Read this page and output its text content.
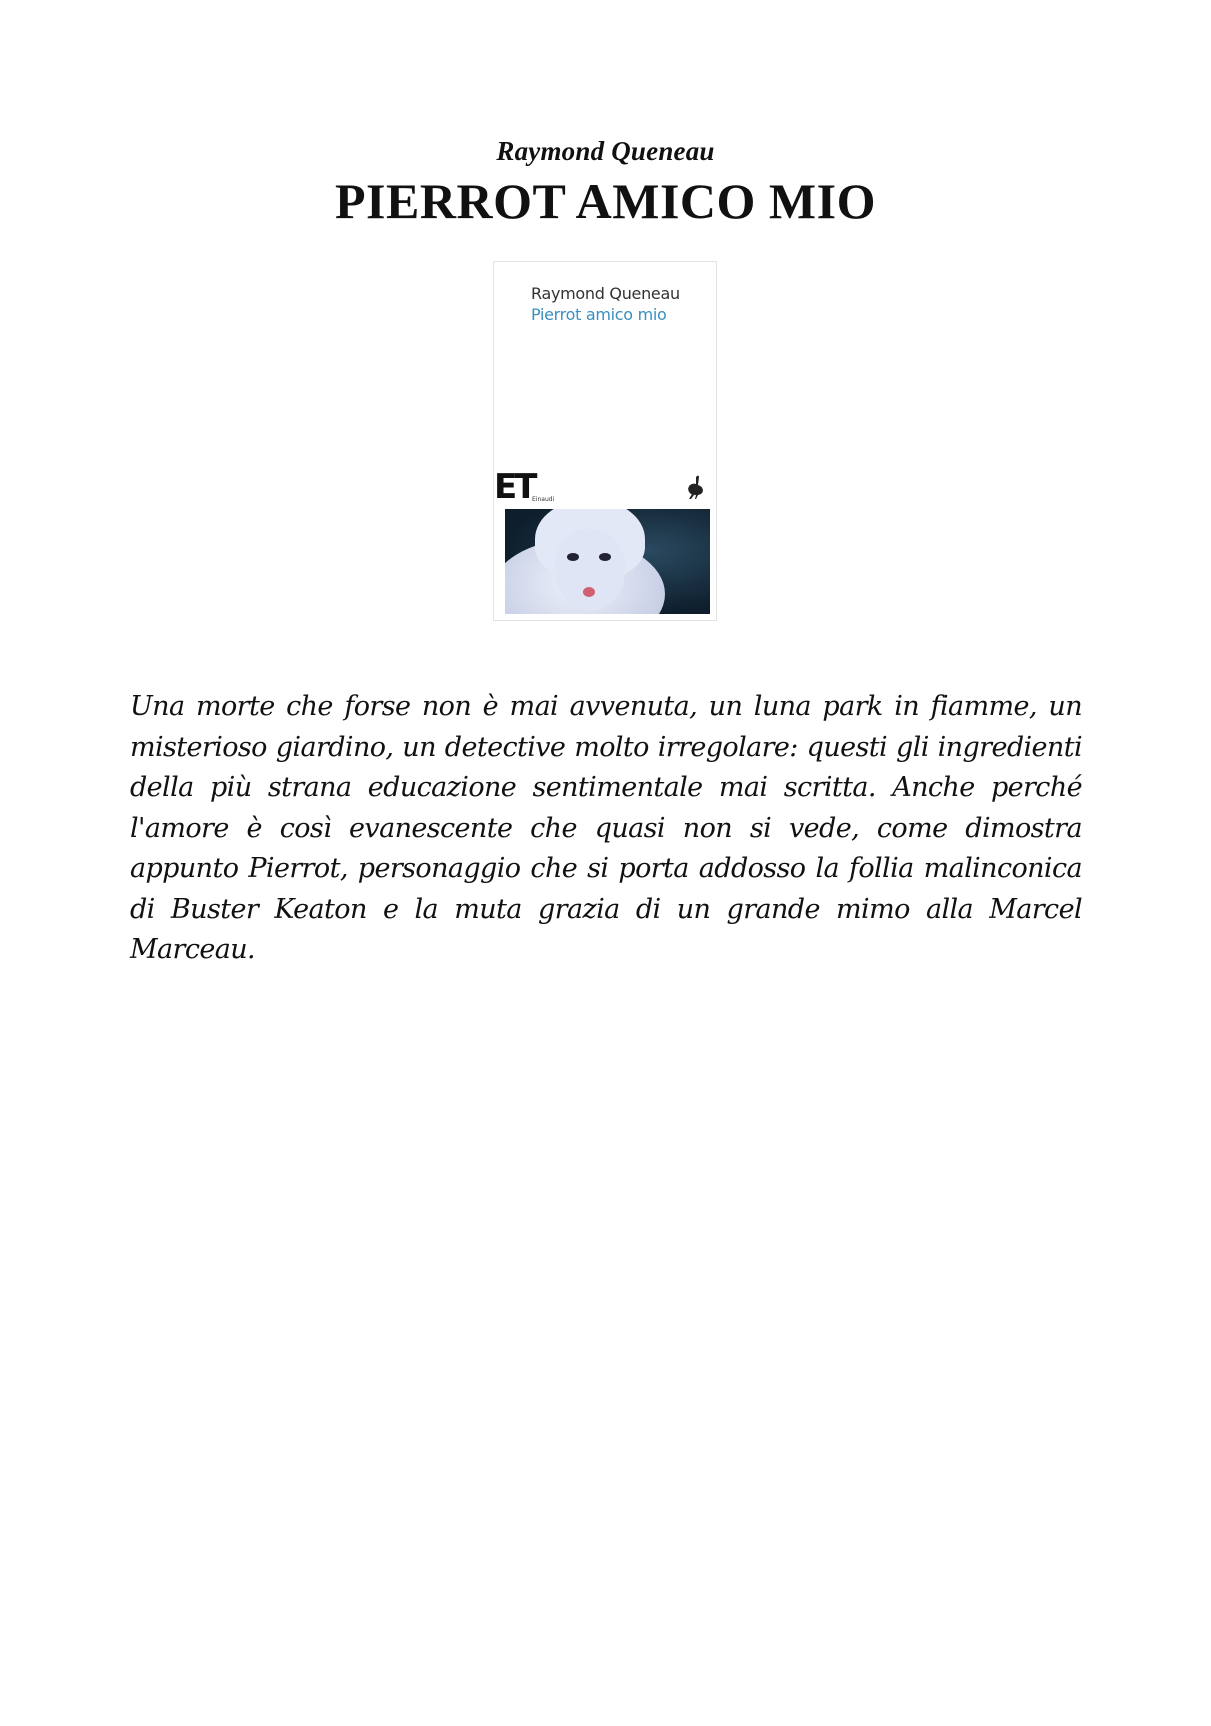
Raymond Queneau
PIERROT AMICO MIO
Raymond Queneau
Pierrot amico mio
ET
Einaudi

Una morte che forse non è mai avvenuta, un luna park in fiamme, un misterioso giardino, un detective molto irregolare: questi gli ingredienti della più strana educazione sentimentale mai scritta. Anche perché l'amore è così evanescente che quasi non si vede, come dimostra appunto Pierrot, personaggio che si porta addosso la follia malinconica di Buster Keaton e la muta grazia di un grande mimo alla Marcel Marceau.
